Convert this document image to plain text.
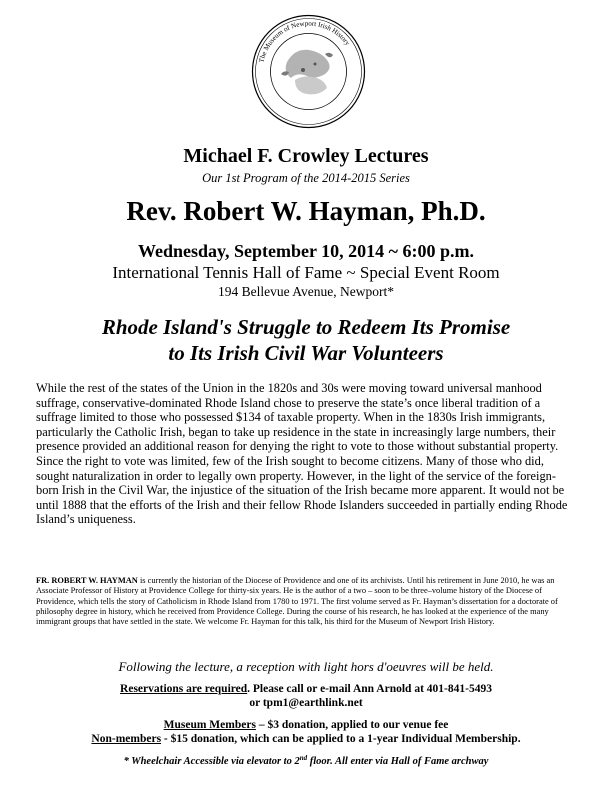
The Museum of Newport Irish History
Michael F. Crowley Lectures
Our 1st Program of the 2014-2015 Series
Rev. Robert W. Hayman, Ph.D.
Wednesday, September 10, 2014 ~ 6:00 p.m.
International Tennis Hall of Fame ~ Special Event Room
194 Bellevue Avenue, Newport*
Rhode Island's Struggle to Redeem Its Promise
to Its Irish Civil War Volunteers
While the rest of the states of the Union in the 1820s and 30s were moving toward universal manhood suffrage, conservative-dominated Rhode Island chose to preserve the state’s once liberal tradition of a suffrage limited to those who possessed $134 of taxable property. When in the 1830s Irish immigrants, particularly the Catholic Irish, began to take up residence in the state in increasingly large numbers, their presence provided an additional reason for denying the right to vote to those without substantial property. Since the right to vote was limited, few of the Irish sought to become citizens. Many of those who did, sought naturalization in order to legally own property. However, in the light of the service of the foreign-born Irish in the Civil War, the injustice of the situation of the Irish became more apparent. It would not be until 1888 that the efforts of the Irish and their fellow Rhode Islanders succeeded in partially ending Rhode Island’s uniqueness.
FR. ROBERT W. HAYMAN is currently the historian of the Diocese of Providence and one of its archivists. Until his retirement in June 2010, he was an Associate Professor of History at Providence College for thirty-six years. He is the author of a two – soon to be three–volume history of the Diocese of Providence, which tells the story of Catholicism in Rhode Island from 1780 to 1971. The first volume served as Fr. Hayman’s dissertation for a doctorate of philosophy degree in history, which he received from Providence College. During the course of his research, he has looked at the experience of the many immigrant groups that have settled in the state. We welcome Fr. Hayman for this talk, his third for the Museum of Newport Irish History.
Following the lecture, a reception with light hors d'oeuvres will be held.
Reservations are required. Please call or e-mail Ann Arnold at 401-841-5493
or tpm1@earthlink.net
Museum Members – $3 donation, applied to our venue fee
Non-members - $15 donation, which can be applied to a 1-year Individual Membership.
* Wheelchair Accessible via elevator to 2nd floor. All enter via Hall of Fame archway
